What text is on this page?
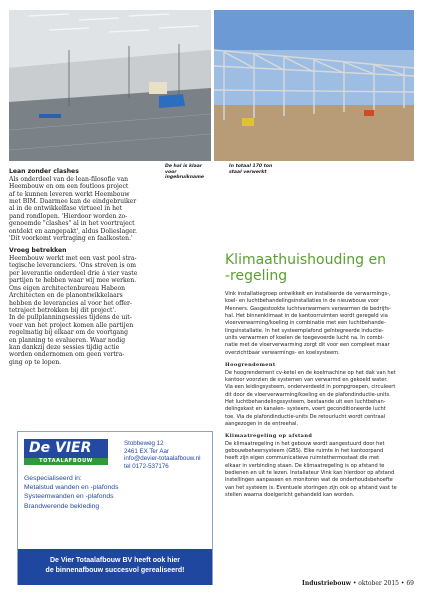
De hal is klaar voor ingebruikname
In totaal 170 ton staal verwerkt
Lean zonder clashes
Als onderdeel van de lean-filosofie van
Heembouw en om een foutloos project
af te kunnen leveren werkt Heembouw
met BIM. Daarmee kan de eindgebruiker
al in de ontwikkelfase virtueel in het
pand rondlopen. 'Hierdoor worden zo-
genoemde "clashes" al in het voortraject
ontdekt en aangepakt', aldus Dolieslager.
'Dit voorkomt vertraging en faalkosten.'
Vroeg betrekken
Heembouw werkt met een vast pool stra-
tegische leveranciers. 'Ons streven is om
per leverantie onderdeel drie á vier vaste
partijen te hebben waar wij mee werken.
Ons eigen architectenbureau Habeon
Architecten en de planontwikkelaars
hebben de leverancies al voor het offer-
tetraject betrokken bij dit project'.
In de pullplanningsessies tijdens de uit-
voer van het project komen alle partijen
regelmatig bij elkaar om de voortgang
en planning te evalueren. Waar nodig
kan dankzij deze sessies tijdig actie
worden ondernomen om geen vertra-
ging op te lopen.
Klimaathuishouding en
-regeling
Vink installatiegroep ontwikkelt en installeerde de verwarmings-,
koel- en luchtbehandelingsinstallaties in de nieuwbouw voor
Menners. Gasgestookte luchtverwarmers verwarmen de bedrijfs-
hal. Het binnenklimaat in de kantoorruimten wordt geregeld via
vloerverwarming/koeling in combinatie met een luchtbehande-
lingsinstallatie. In het systeemplafond geïntegreerde inductie-
units verwarmen of koelen de toegevoerde lucht na. In combi-
natie met de vloerverwarming zorgt dit voor een compleet maar
overzichtbaar verwarmings- en koelsysteem.
Hoogrendement
De hoogrendement cv-ketel en de koelmachine op het dak van het
kantoor voorzien de systemen van verwarmd en gekoeld water.
Via een leidingsysteem, onderverdeeld in pompgroepen, circuleert
dit door de vloerverwarming/koeling en de plafondinductie-units.
Het luchtbehandelingssysteem, bestaande uit een luchtbehan-
delingskast en kanalen- systeem, voert geconditioneerde lucht
toe. Via de plafondinductie-units De retourlucht wordt centraal
aangezogen in de entreehal.
Klimaatregeling op afstand
De klimaatregeling in het gebouw wordt aangestuurd door het
gebouwbeheersysteem (GBS). Elke ruimte in het kantoorpand
heeft zijn eigen communicatieve ruimtethermostaat die met
elkaar in verbinding staan. De klimaatregeling is op afstand te
bedienen en uit te lezen. Installateur Vink kan hierdoor op afstand
instellingen aanpassen en monitoren wat de onderhoudsbehoefte
van het systeem is. Eventuele storingen zijn ook op afstand vast te
stellen waarna doelgericht gehandeld kan worden.
De VIER
TOTAALAFBOUW
Stobbeweg 12
2461 EX Ter Aar
info@devier-totaalafbouw.nl
tel 0172-537176
Gespecialiseerd in:
Metalstud wanden en -plafonds
Systeemwanden en -plafonds
Brandwerende bekleding
De Vier Totaalafbouw BV heeft ook hier
de binnenafbouw succesvol gerealiseerd!
Industriebouw • oktober 2015 • 69
